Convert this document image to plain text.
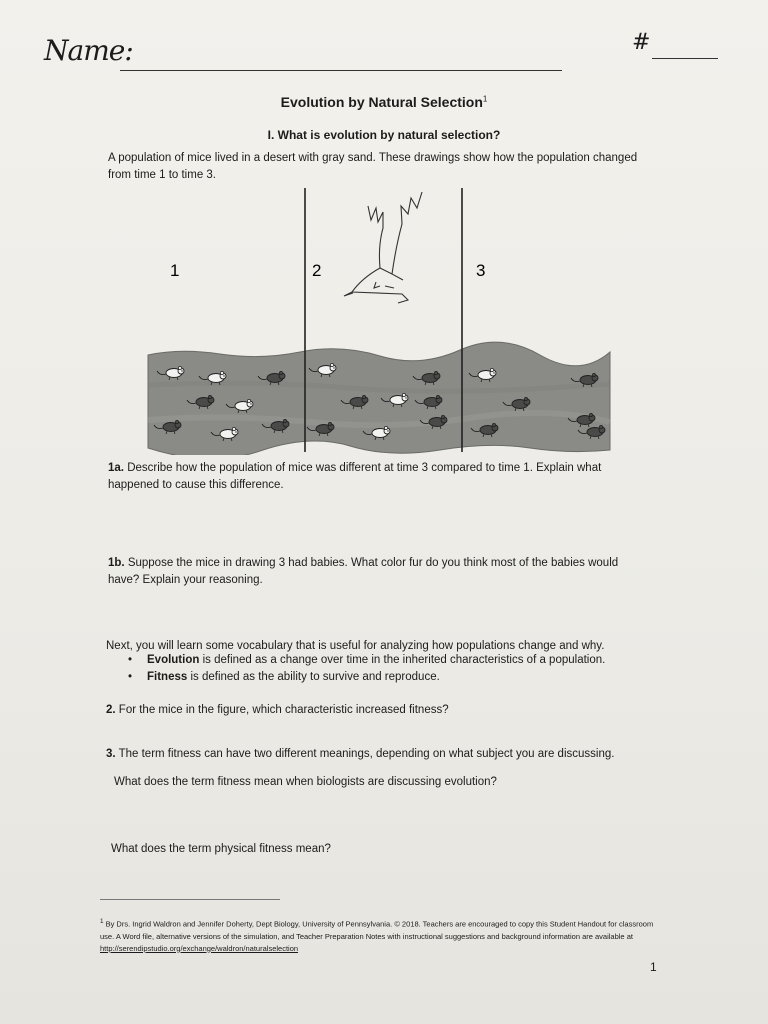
Name:	#
Evolution by Natural Selection$^1$
I. What is evolution by natural selection?
A population of mice lived in a desert with gray sand. These drawings show how the population changed from time 1 to time 3.
1	2	3
1a. Describe how the population of mice was different at time 3 compared to time 1. Explain what happened to cause this difference.
1b. Suppose the mice in drawing 3 had babies. What color fur do you think most of the babies would have? Explain your reasoning.
Next, you will learn some vocabulary that is useful for analyzing how populations change and why.
• Evolution is defined as a change over time in the inherited characteristics of a population.
• Fitness is defined as the ability to survive and reproduce.
2. For the mice in the figure, which characteristic increased fitness?
3. The term fitness can have two different meanings, depending on what subject you are discussing.
What does the term fitness mean when biologists are discussing evolution?
What does the term physical fitness mean?
$^1$ By Drs. Ingrid Waldron and Jennifer Doherty, Dept Biology, University of Pennsylvania. © 2018. Teachers are encouraged to copy this Student Handout for classroom use. A Word file, alternative versions of the simulation, and Teacher Preparation Notes with instructional suggestions and background information are available at http://serendipstudio.org/exchange/waldron/naturalselection
1
